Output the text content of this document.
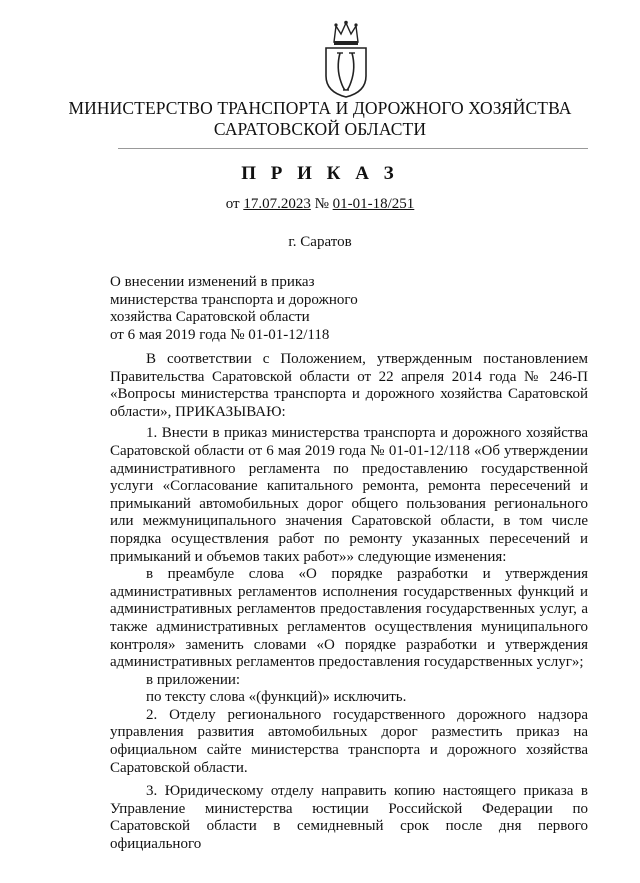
МИНИСТЕРСТВО ТРАНСПОРТА И ДОРОЖНОГО ХОЗЯЙСТВА
САРАТОВСКОЙ ОБЛАСТИ
П Р И К А З
от 17.07.2023 № 01-01-18/251
г. Саратов
О внесении изменений в приказ
министерства транспорта и дорожного
хозяйства Саратовской области
от 6 мая 2019 года № 01-01-12/118

В соответствии с Положением, утвержденным постановлением Правительства Саратовской области от 22 апреля 2014 года № 246-П «Вопросы министерства транспорта и дорожного хозяйства Саратовской области», ПРИКАЗЫВАЮ:

1. Внести в приказ министерства транспорта и дорожного хозяйства Саратовской области от 6 мая 2019 года № 01-01-12/118 «Об утверждении административного регламента по предоставлению государственной услуги «Согласование капитального ремонта, ремонта пересечений и примыканий автомобильных дорог общего пользования регионального или межмуниципального значения Саратовской области, в том числе порядка осуществления работ по ремонту указанных пересечений и примыканий и объемов таких работ»» следующие изменения:

в преамбуле слова «О порядке разработки и утверждения административных регламентов исполнения государственных функций и административных регламентов предоставления государственных услуг, а также административных регламентов осуществления муниципального контроля» заменить словами «О порядке разработки и утверждения административных регламентов предоставления государственных услуг»;

в приложении:

по тексту слова «(функций)» исключить.

2. Отделу регионального государственного дорожного надзора управления развития автомобильных дорог разместить приказ на официальном сайте министерства транспорта и дорожного хозяйства Саратовской области.

3. Юридическому отделу направить копию настоящего приказа в Управление министерства юстиции Российской Федерации по Саратовской области в семидневный срок после дня первого официального
